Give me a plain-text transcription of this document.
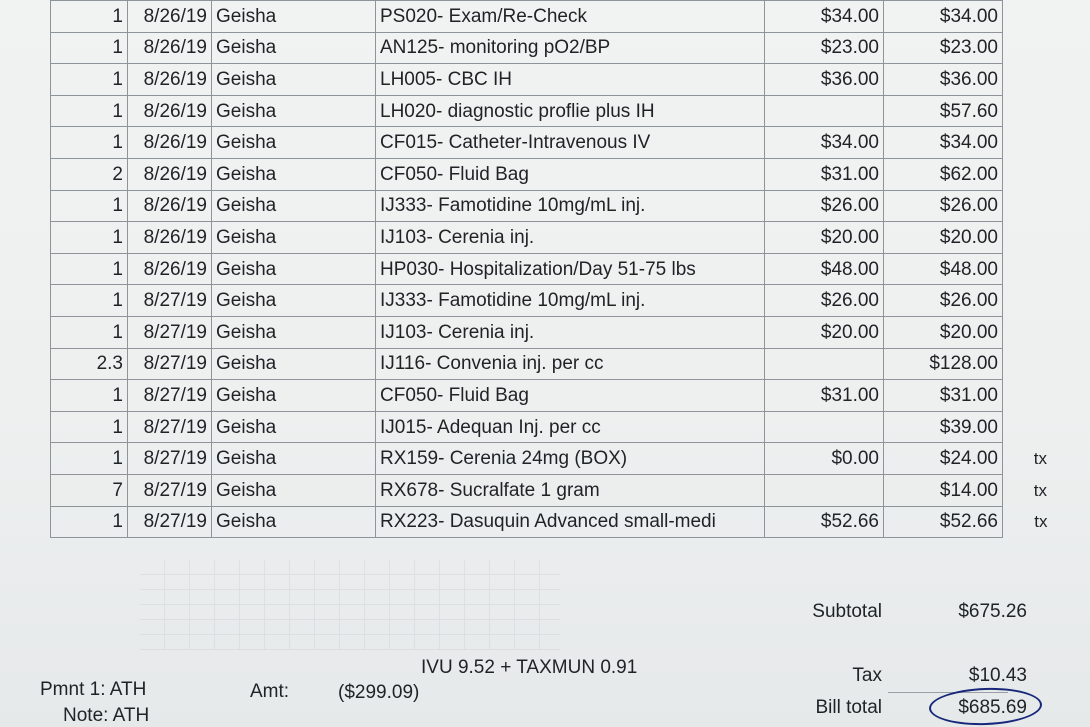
1	8/26/19	Geisha	PS020- Exam/Re-Check	$34.00	$34.00	
1	8/26/19	Geisha	AN125- monitoring pO2/BP	$23.00	$23.00	
1	8/26/19	Geisha	LH005- CBC IH	$36.00	$36.00	
1	8/26/19	Geisha	LH020- diagnostic proflie plus IH		$57.60	
1	8/26/19	Geisha	CF015- Catheter-Intravenous IV	$34.00	$34.00	
2	8/26/19	Geisha	CF050- Fluid Bag	$31.00	$62.00	
1	8/26/19	Geisha	IJ333- Famotidine 10mg/mL inj.	$26.00	$26.00	
1	8/26/19	Geisha	IJ103- Cerenia inj.	$20.00	$20.00	
1	8/26/19	Geisha	HP030- Hospitalization/Day 51-75 lbs	$48.00	$48.00	
1	8/27/19	Geisha	IJ333- Famotidine 10mg/mL inj.	$26.00	$26.00	
1	8/27/19	Geisha	IJ103- Cerenia inj.	$20.00	$20.00	
2.3	8/27/19	Geisha	IJ116- Convenia inj. per cc		$128.00	
1	8/27/19	Geisha	CF050- Fluid Bag	$31.00	$31.00	
1	8/27/19	Geisha	IJ015- Adequan Inj. per cc		$39.00	
1	8/27/19	Geisha	RX159- Cerenia 24mg (BOX)	$0.00	$24.00	tx
7	8/27/19	Geisha	RX678- Sucralfate 1 gram		$14.00	tx
1	8/27/19	Geisha	RX223- Dasuquin Advanced small-medi	$52.66	$52.66	tx
Subtotal	$675.26
IVU 9.52 + TAXMUN 0.91	Tax	$10.43
Bill total	$685.69
Pmnt 1: ATH	Amt:	($299.09)
Note: ATH
